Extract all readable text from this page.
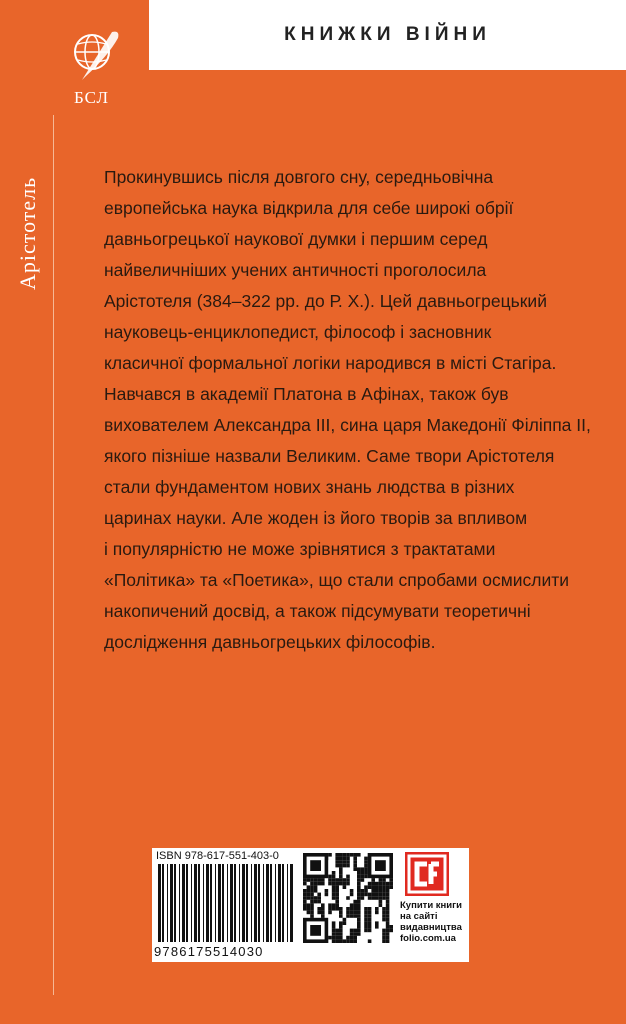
КНИЖКИ ВІЙНИ
БСЛ
Арістотель	Прокинувшись після довгого сну, середньовічна

европейська наука відкрила для себе широкі обрії

давньогрецької наукової думки і першим серед

найвеличніших учених античності проголосила

Арістотеля (384–322 рр. до Р. Х.). Цей давньогрецький

науковець-енциклопедист, філософ і засновник

класичної формальної логіки народився в місті Стагіра.

Навчався в академії Платона в Афінах, також був

вихователем Александра III, сина царя Македонії Філіппа II,

якого пізніше назвали Великим. Саме твори Арістотеля

стали фундаментом нових знань людства в різних

царинах науки. Але жоден із його творів за впливом

і популярністю не може зрівнятися з трактатами

«Політика» та «Поетика», що стали спробами осмислити

накопичений досвід, а також підсумувати теоретичні

дослідження давньогрецьких філософів.

ISBN 978-617-551-403-0
9786175514030
Купити книги
на сайті
видавництва
folio.com.ua
